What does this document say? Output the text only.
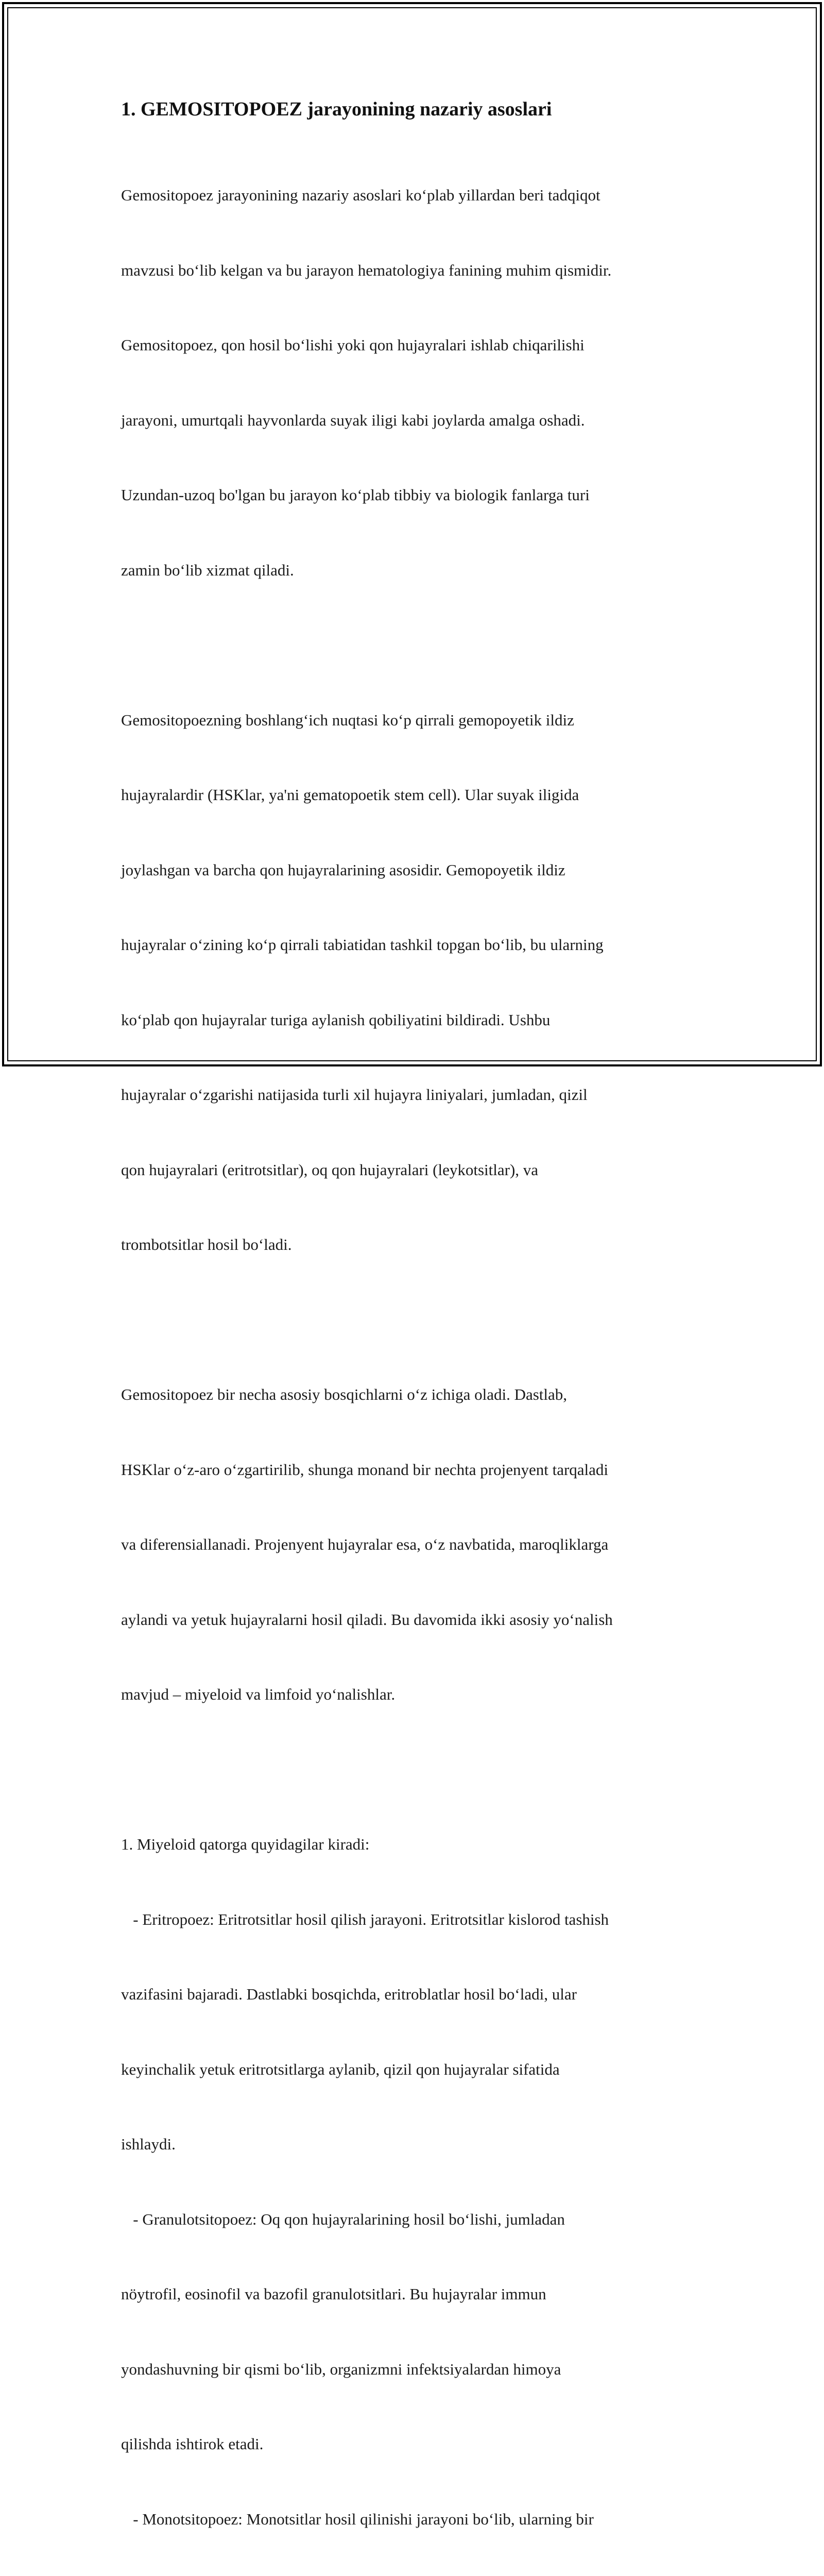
1. GEMOSITOPOEZ jarayonining nazariy asoslari

Gemositopoez jarayonining nazariy asoslari ko‘plab yillardan beri tadqiqot

mavzusi bo‘lib kelgan va bu jarayon hematologiya fanining muhim qismidir.

Gemositopoez, qon hosil bo‘lishi yoki qon hujayralari ishlab chiqarilishi

jarayoni, umurtqali hayvonlarda suyak iligi kabi joylarda amalga oshadi.

Uzundan-uzoq bo'lgan bu jarayon ko‘plab tibbiy va biologik fanlarga turi

zamin bo‘lib xizmat qiladi.

Gemositopoezning boshlang‘ich nuqtasi ko‘p qirrali gemopoyetik ildiz

hujayralardir (HSKlar, ya'ni gematopoetik stem cell). Ular suyak iligida

joylashgan va barcha qon hujayralarining asosidir. Gemopoyetik ildiz

hujayralar o‘zining ko‘p qirrali tabiatidan tashkil topgan bo‘lib, bu ularning

ko‘plab qon hujayralar turiga aylanish qobiliyatini bildiradi. Ushbu

hujayralar o‘zgarishi natijasida turli xil hujayra liniyalari, jumladan, qizil

qon hujayralari (eritrotsitlar), oq qon hujayralari (leykotsitlar), va

trombotsitlar hosil bo‘ladi.

Gemositopoez bir necha asosiy bosqichlarni o‘z ichiga oladi. Dastlab,

HSKlar o‘z-aro o‘zgartirilib, shunga monand bir nechta projenyent tarqaladi

va diferensiallanadi. Projenyent hujayralar esa, o‘z navbatida, maroqliklarga

aylandi va yetuk hujayralarni hosil qiladi. Bu davomida ikki asosiy yo‘nalish

mavjud – miyeloid va limfoid yo‘nalishlar.

1. Miyeloid qatorga quyidagilar kiradi:

- Eritropoez: Eritrotsitlar hosil qilish jarayoni. Eritrotsitlar kislorod tashish

vazifasini bajaradi. Dastlabki bosqichda, eritroblatlar hosil bo‘ladi, ular

keyinchalik yetuk eritrotsitlarga aylanib, qizil qon hujayralar sifatida

ishlaydi.

- Granulotsitopoez: Oq qon hujayralarining hosil bo‘lishi, jumladan

nöytrofil, eosinofil va bazofil granulotsitlari. Bu hujayralar immun

yondashuvning bir qismi bo‘lib, organizmni infektsiyalardan himoya

qilishda ishtirok etadi.

- Monotsitopoez: Monotsitlar hosil qilinishi jarayoni bo‘lib, ularning bir
